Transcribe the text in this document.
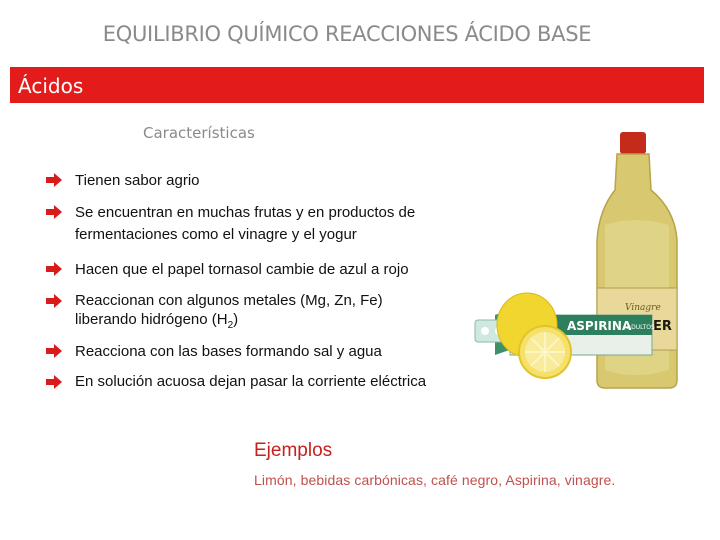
EQUILIBRIO QUÍMICO REACCIONES ÁCIDO BASE
Ácidos
Características
Tienen sabor agrio
Se encuentran en muchas frutas y en productos de fermentaciones como el vinagre y el yogur
Hacen que el papel tornasol cambie de azul a rojo
Reaccionan con algunos metales (Mg, Zn, Fe) liberando hidrógeno $(H_2)$
Reacciona con las bases formando sal y agua
En solución acuosa dejan pasar la corriente eléctrica
Vinagre
ER
ASPIRINA
ADULTOS
Ejemplos
Limón, bebidas carbónicas, café negro, Aspirina, vinagre.
